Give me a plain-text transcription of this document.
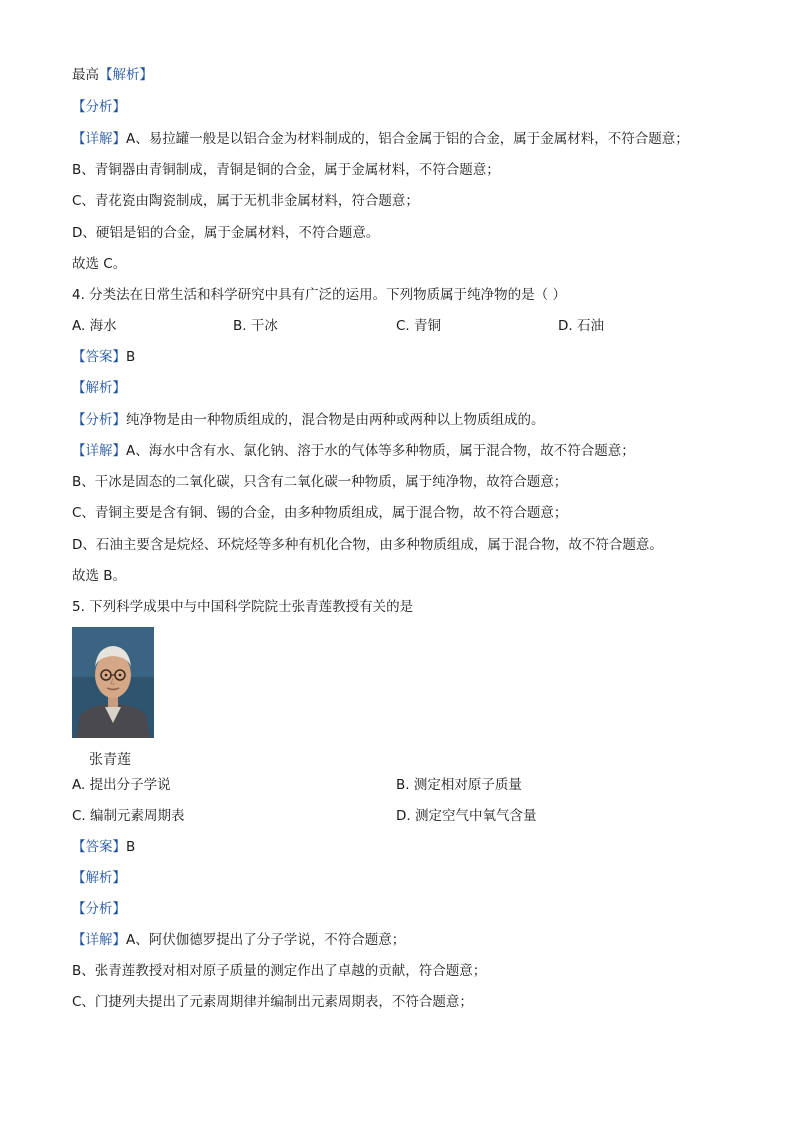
最高【解析】
【分析】
【详解】A、易拉罐一般是以铝合金为材料制成的，铝合金属于铝的合金，属于金属材料，不符合题意；
B、青铜器由青铜制成，青铜是铜的合金，属于金属材料，不符合题意；
C、青花瓷由陶瓷制成，属于无机非金属材料，符合题意；
D、硬铝是铝的合金，属于金属材料，不符合题意。
故选 C。
4. 分类法在日常生活和科学研究中具有广泛的运用。下列物质属于纯净物的是（ ）
A. 海水	B. 干冰	C. 青铜	D. 石油
【答案】B
【解析】
【分析】纯净物是由一种物质组成的，混合物是由两种或两种以上物质组成的。
【详解】A、海水中含有水、氯化钠、溶于水的气体等多种物质，属于混合物，故不符合题意；
B、干冰是固态的二氧化碳，只含有二氧化碳一种物质，属于纯净物，故符合题意；
C、青铜主要是含有铜、锡的合金，由多种物质组成，属于混合物，故不符合题意；
D、石油主要含是烷烃、环烷烃等多种有机化合物，由多种物质组成，属于混合物，故不符合题意。
故选 B。
5. 下列科学成果中与中国科学院院士张青莲教授有关的是
张青莲
A. 提出分子学说	B. 测定相对原子质量
C. 编制元素周期表	D. 测定空气中氧气含量
【答案】B
【解析】
【分析】
【详解】A、阿伏伽德罗提出了分子学说，不符合题意；
B、张青莲教授对相对原子质量的测定作出了卓越的贡献，符合题意；
C、门捷列夫提出了元素周期律并编制出元素周期表，不符合题意；
